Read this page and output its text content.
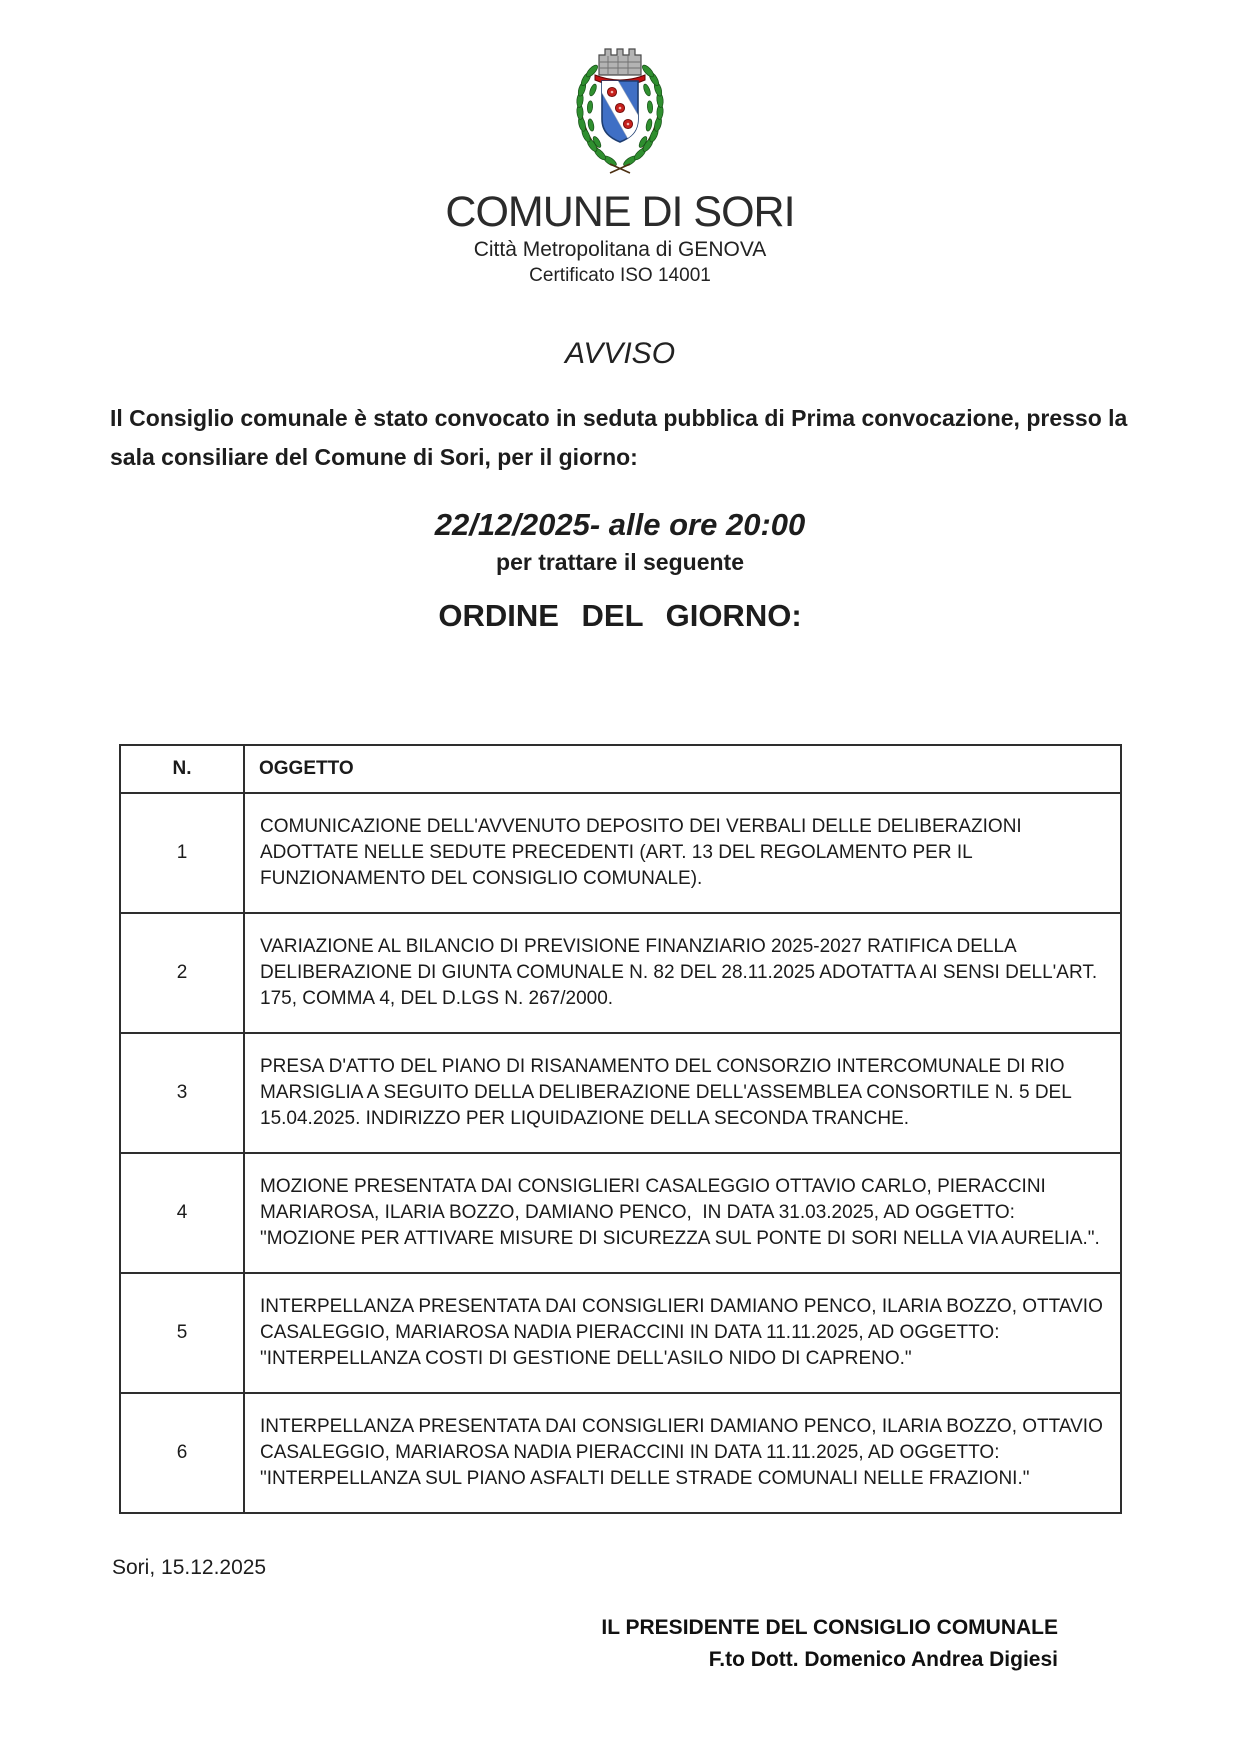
COMUNE DI SORI
Città Metropolitana di GENOVA
Certificato ISO 14001
AVVISO

Il Consiglio comunale è stato convocato in seduta pubblica di Prima convocazione, presso la sala consiliare del Comune di Sori, per il giorno:

22/12/2025- alle ore 20:00
per trattare il seguente
ORDINE DEL GIORNO:
N.	OGGETTO
1	COMUNICAZIONE DELL'AVVENUTO DEPOSITO DEI VERBALI DELLE DELIBERAZIONI ADOTTATE NELLE SEDUTE PRECEDENTI (ART. 13 DEL REGOLAMENTO PER IL FUNZIONAMENTO DEL CONSIGLIO COMUNALE).
2	VARIAZIONE AL BILANCIO DI PREVISIONE FINANZIARIO 2025-2027 RATIFICA DELLA DELIBERAZIONE DI GIUNTA COMUNALE N. 82 DEL 28.11.2025 ADOTATTA AI SENSI DELL'ART. 175, COMMA 4, DEL D.LGS N. 267/2000.
3	PRESA D'ATTO DEL PIANO DI RISANAMENTO DEL CONSORZIO INTERCOMUNALE DI RIO MARSIGLIA A SEGUITO DELLA DELIBERAZIONE DELL'ASSEMBLEA CONSORTILE N. 5 DEL 15.04.2025. INDIRIZZO PER LIQUIDAZIONE DELLA SECONDA TRANCHE.
4	MOZIONE PRESENTATA DAI CONSIGLIERI CASALEGGIO OTTAVIO CARLO, PIERACCINI MARIAROSA, ILARIA BOZZO, DAMIANO PENCO,  IN DATA 31.03.2025, AD OGGETTO: "MOZIONE PER ATTIVARE MISURE DI SICUREZZA SUL PONTE DI SORI NELLA VIA AURELIA.".
5	INTERPELLANZA PRESENTATA DAI CONSIGLIERI DAMIANO PENCO, ILARIA BOZZO, OTTAVIO CASALEGGIO, MARIAROSA NADIA PIERACCINI IN DATA 11.11.2025, AD OGGETTO: "INTERPELLANZA COSTI DI GESTIONE DELL'ASILO NIDO DI CAPRENO."
6	INTERPELLANZA PRESENTATA DAI CONSIGLIERI DAMIANO PENCO, ILARIA BOZZO, OTTAVIO CASALEGGIO, MARIAROSA NADIA PIERACCINI IN DATA 11.11.2025, AD OGGETTO: "INTERPELLANZA SUL PIANO ASFALTI DELLE STRADE COMUNALI NELLE FRAZIONI."
Sori, 15.12.2025
IL PRESIDENTE DEL CONSIGLIO COMUNALE
F.to Dott. Domenico Andrea Digiesi
